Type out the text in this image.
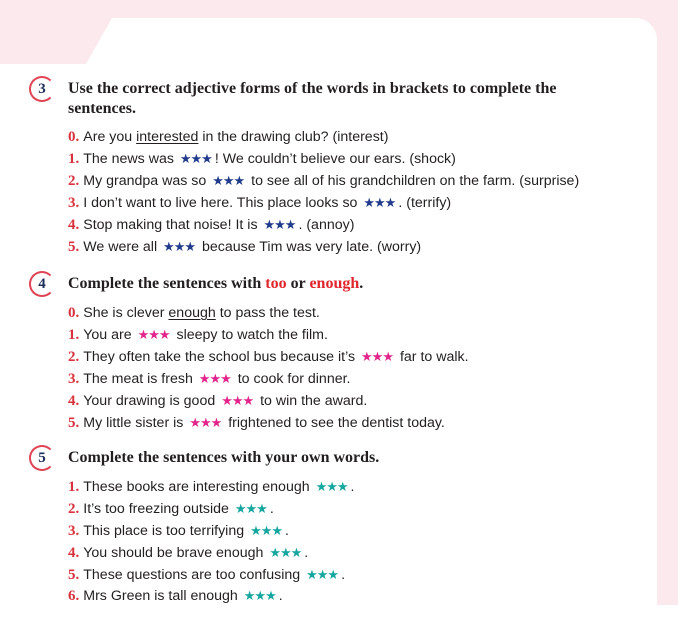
3	Use the correct adjective forms of the words in brackets to complete the sentences.
0. Are you interested in the drawing club? (interest)
1. The news was ★★★ ! We couldn’t believe our ears. (shock)
2. My grandpa was so ★★★ to see all of his grandchildren on the farm. (surprise)
3. I don’t want to live here. This place looks so ★★★ . (terrify)
4. Stop making that noise! It is ★★★ . (annoy)
5. We were all ★★★ because Tim was very late. (worry)
4	Complete the sentences with too or enough.
0. She is clever enough to pass the test.
1. You are ★★★ sleepy to watch the film.
2. They often take the school bus because it’s ★★★ far to walk.
3. The meat is fresh ★★★ to cook for dinner.
4. Your drawing is good ★★★ to win the award.
5. My little sister is ★★★ frightened to see the dentist today.
5	Complete the sentences with your own words.
1. These books are interesting enough ★★★ .
2. It’s too freezing outside ★★★ .
3. This place is too terrifying ★★★ .
4. You should be brave enough ★★★ .
5. These questions are too confusing ★★★ .
6. Mrs Green is tall enough ★★★ .
